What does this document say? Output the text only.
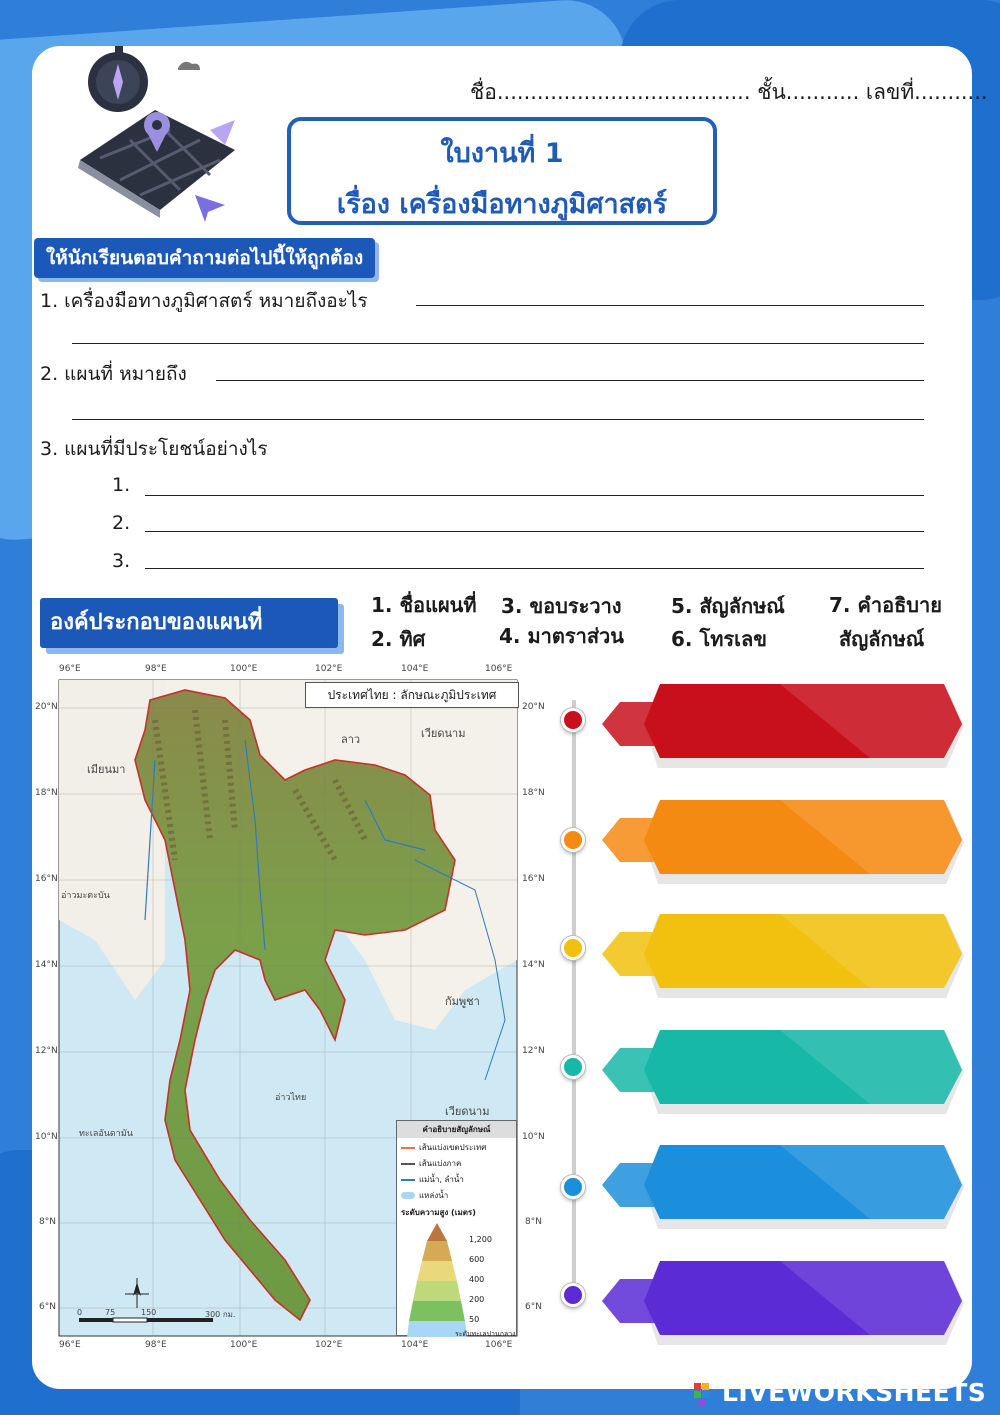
ชื่อ...................................... ชั้น........... เลขที่...........
ใบงานที่ 1
เรื่อง เครื่องมือทางภูมิศาสตร์
ให้นักเรียนตอบคำถามต่อไปนี้ให้ถูกต้อง
1. เครื่องมือทางภูมิศาสตร์ หมายถึงอะไร
2. แผนที่ หมายถึง
3. แผนที่มีประโยชน์อย่างไร
1.
2.
3.
องค์ประกอบของแผนที่
1. ชื่อแผนที่
2. ทิศ
3. ขอบระวาง
4. มาตราส่วน
5. สัญลักษณ์
6. โทรเลข
7. คำอธิบาย
สัญลักษณ์
96°E	98°E	100°E	102°E	104°E	106°E
96°E	98°E	100°E	102°E	104°E	106°E
20°N
18°N
16°N
14°N
12°N
10°N
8°N
6°N
20°N
18°N
16°N
14°N
12°N
10°N
8°N
6°N
ประเทศไทย : ลักษณะภูมิประเทศ
เมียนมา
ลาว	เวียดนาม
กัมพูชา
เวียดนาม
อ่าวมะตะบัน
อ่าวไทย
ทะเลอันดามัน
0	75	150	300 กม.
คำอธิบายสัญลักษณ์
เส้นแบ่งเขตประเทศ
เส้นแบ่งภาค
แม่น้ำ, ลำน้ำ
แหล่งน้ำ
ระดับความสูง (เมตร)
1,200
600
400
200
50
ระดับทะเลปานกลาง
LIVEWORKSHEETS
